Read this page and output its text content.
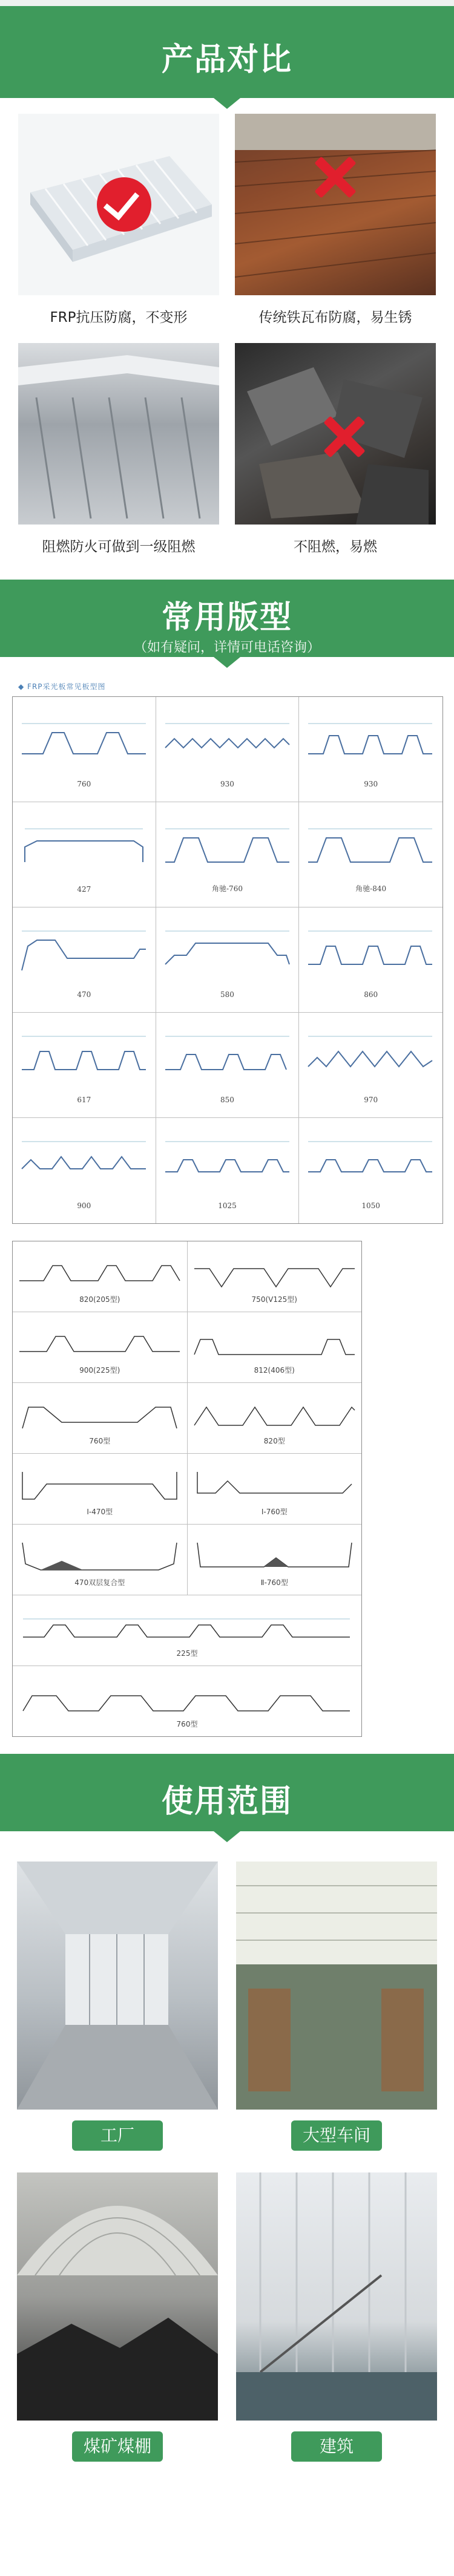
产品对比
FRP抗压防腐，不变形	传统铁瓦布防腐，易生锈
阻燃防火可做到一级阻燃	不阻燃，易燃
常用版型
（如有疑问，详情可电话咨询）
◆ FRP采光板常见板型图
760	930	930
427	角驰-760	角驰-840
470	580	860
617	850	970
900	1025	1050
820(205型)	750(V125型)
900(225型)	812(406型)
760型	820型
Ⅰ-470型	Ⅰ-760型
470双层复合型	Ⅱ-760型
225型
760型
使用范围
工厂	大型车间
煤矿煤棚	建筑
